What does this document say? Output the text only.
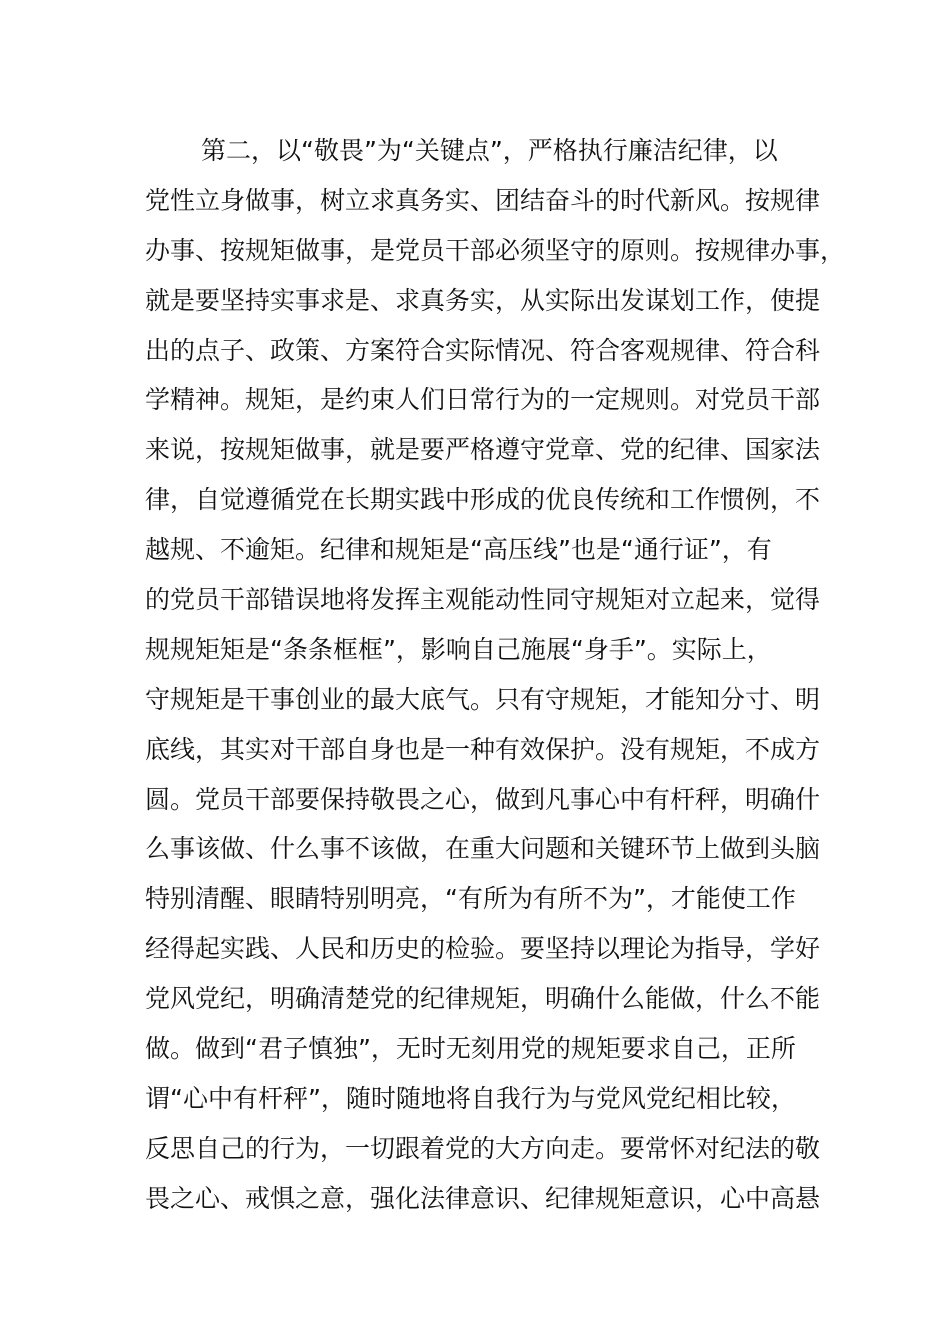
第二，以“敬畏”为“关键点”，严格执行廉洁纪律，以
党性立身做事，树立求真务实、团结奋斗的时代新风。按规律
办事、按规矩做事，是党员干部必须坚守的原则。按规律办事，
就是要坚持实事求是、求真务实，从实际出发谋划工作，使提
出的点子、政策、方案符合实际情况、符合客观规律、符合科
学精神。规矩，是约束人们日常行为的一定规则。对党员干部
来说，按规矩做事，就是要严格遵守党章、党的纪律、国家法
律，自觉遵循党在长期实践中形成的优良传统和工作惯例，不
越规、不逾矩。纪律和规矩是“高压线”也是“通行证”，有
的党员干部错误地将发挥主观能动性同守规矩对立起来，觉得
规规矩矩是“条条框框”，影响自己施展“身手”。实际上，
守规矩是干事创业的最大底气。只有守规矩，才能知分寸、明
底线，其实对干部自身也是一种有效保护。没有规矩，不成方
圆。党员干部要保持敬畏之心，做到凡事心中有杆秤，明确什
么事该做、什么事不该做，在重大问题和关键环节上做到头脑
特别清醒、眼睛特别明亮，“有所为有所不为”，才能使工作
经得起实践、人民和历史的检验。要坚持以理论为指导，学好
党风党纪，明确清楚党的纪律规矩，明确什么能做，什么不能
做。做到“君子慎独”，无时无刻用党的规矩要求自己，正所
谓“心中有杆秤”，随时随地将自我行为与党风党纪相比较，
反思自己的行为，一切跟着党的大方向走。要常怀对纪法的敬
畏之心、戒惧之意，强化法律意识、纪律规矩意识，心中高悬
